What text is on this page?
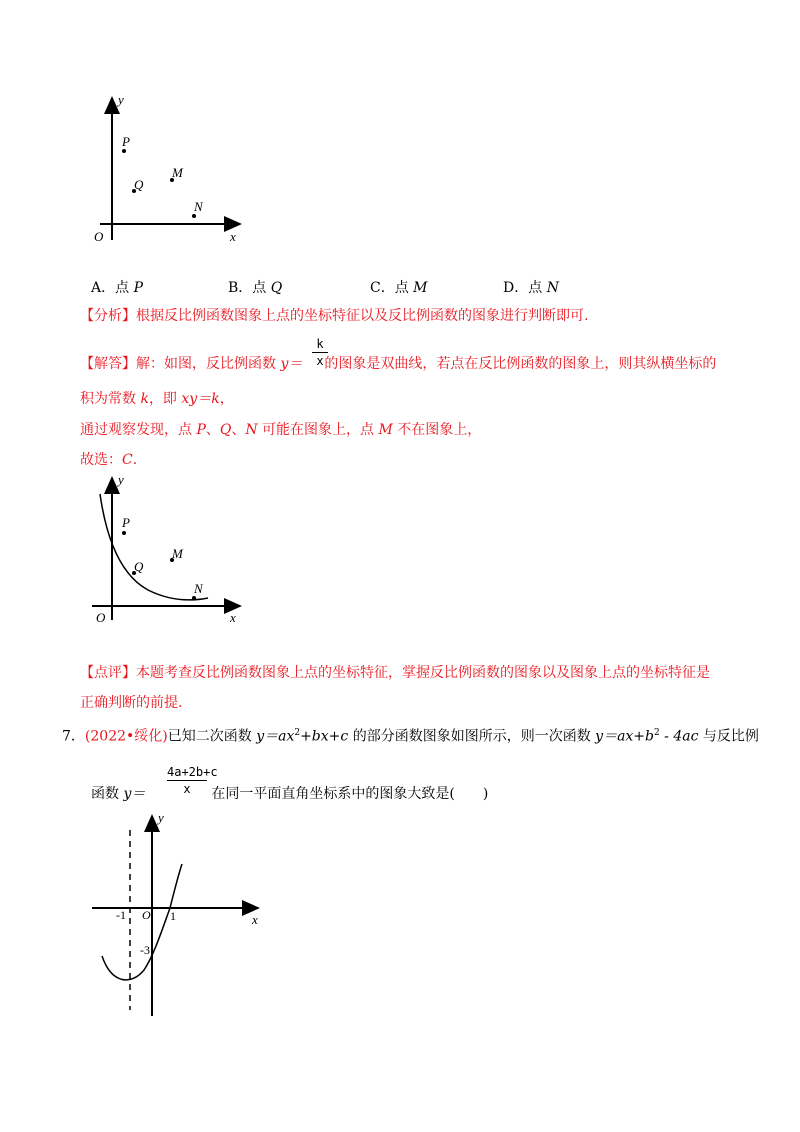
y
x
O
P
Q
M
N
A．点 P	B．点 Q	C．点 M	D．点 N
【分析】根据反比例函数图象上点的坐标特征以及反比例函数的图象进行判断即可.
【解答】解：如图，反比例函数 y＝ 的图象是双曲线，若点在反比例函数的图象上，则其纵横坐标的
$\frac{k}{x}$
积为常数 k，即 xy＝k，
通过观察发现，点 P、Q、N 可能在图象上，点 M 不在图象上，
故选：C.
y
x
O
P
Q
M
N
【点评】本题考查反比例函数图象上点的坐标特征，掌握反比例函数的图象以及图象上点的坐标特征是
正确判断的前提.
7．(2022•绥化)已知二次函数 $y=ax^2+bx+c$ 的部分函数图象如图所示，则一次函数 $y=ax+b^2 - 4ac$ 与反比例
$\frac{4a+2b+c}{x}$
函数 y＝	在同一平面直角坐标系中的图象大致是(　　)
y
x
O
-1	1
-3
